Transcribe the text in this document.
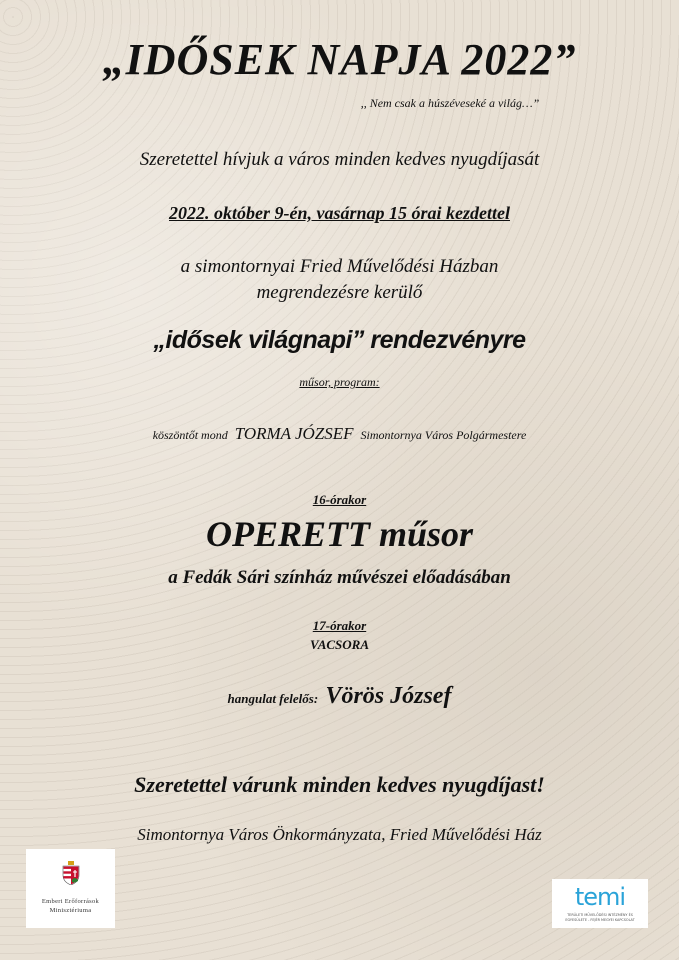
„IDŐSEK NAPJA 2022”
,, Nem csak a húszéveseké a világ…”
Szeretettel hívjuk a város minden kedves nyugdíjasát
2022. október 9-én, vasárnap 15 órai kezdettel
a simontornyai Fried Művelődési Házban
megrendezésre kerülő
„idősek világnapi” rendezvényre
műsor, program:
köszöntőt mond TORMA JÓZSEF Simontornya Város Polgármestere
16-órakor
OPERETT műsor
a Fedák Sári színház művészei előadásában
17-órakor
VACSORA
hangulat felelős: Vörös József
Szeretettel várunk minden kedves nyugdíjast!
Simontornya Város Önkormányzata, Fried Művelődési Ház
Emberi Erőforrások
Minisztériuma	temi
TERÜLETI MŰVELŐDÉSI INTÉZMÉNY ÉS EGYESÜLETE - FEJÉR MEGYEI KAPCSOLAT
